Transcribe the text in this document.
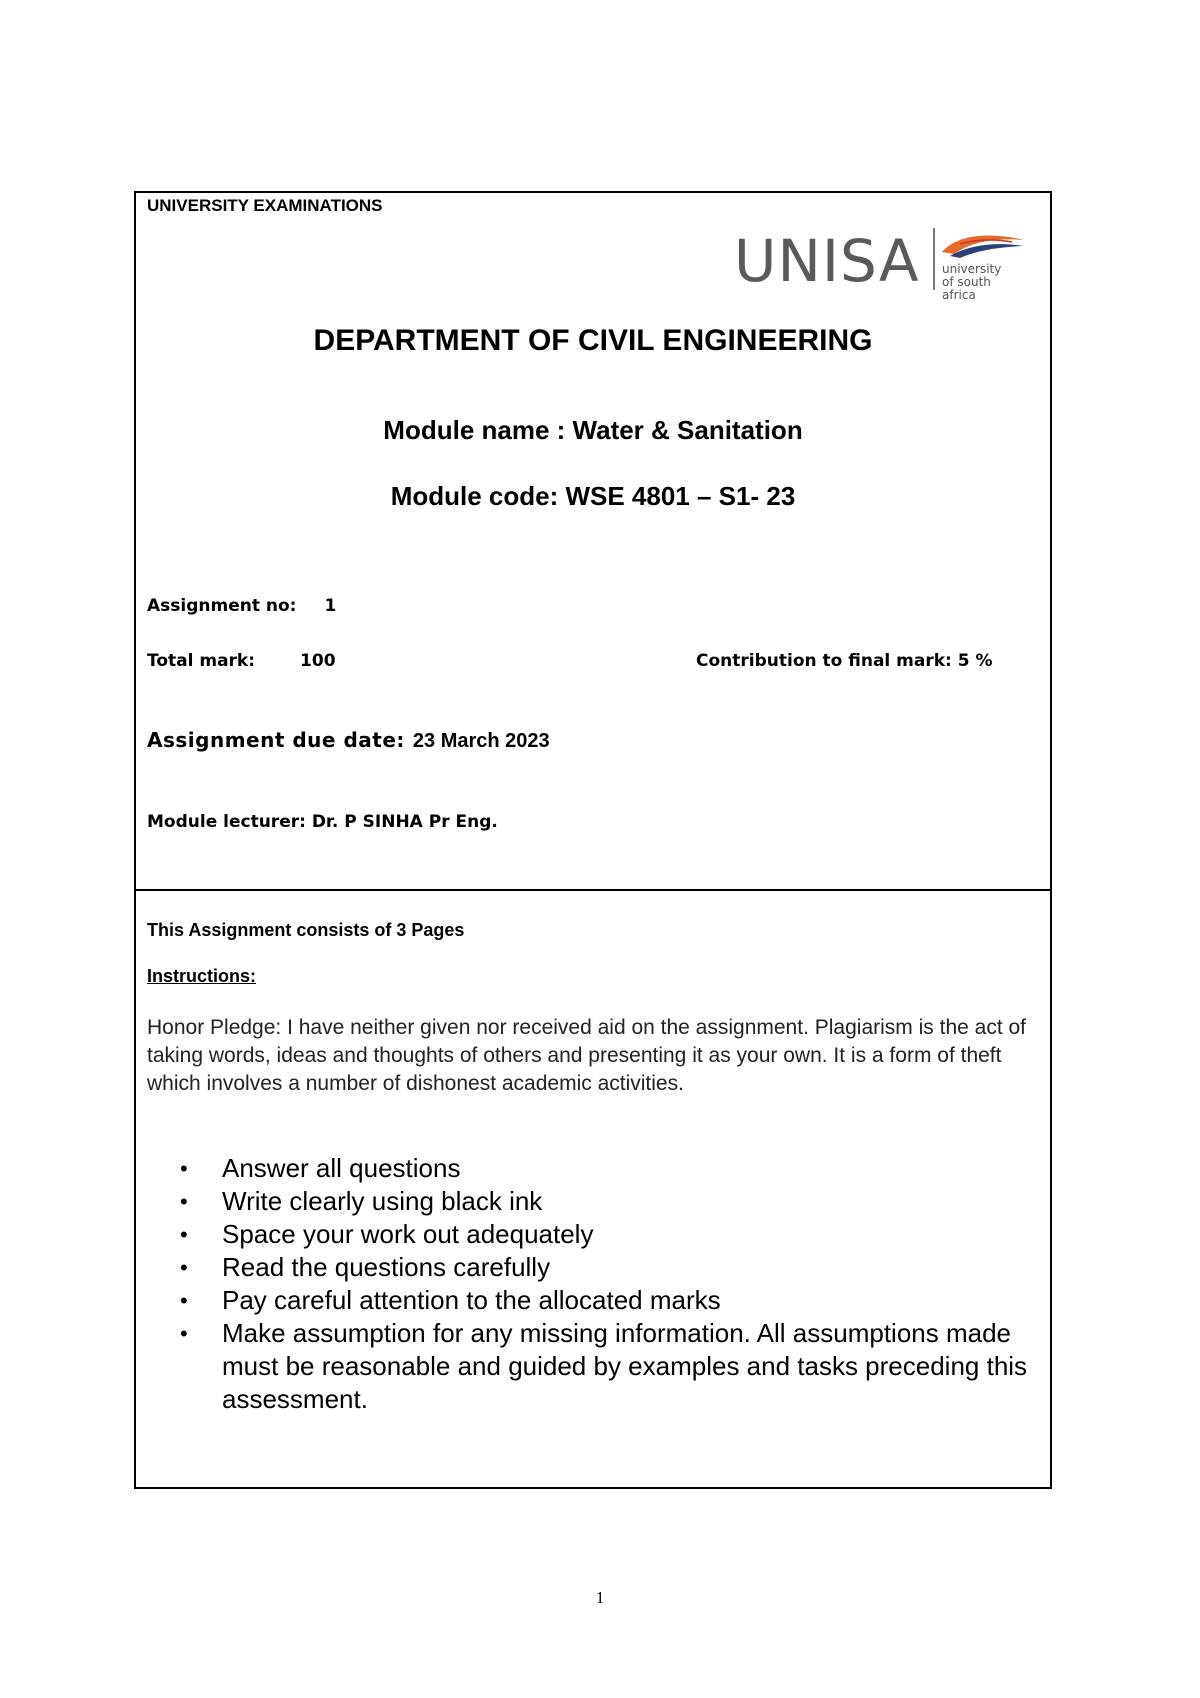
UNIVERSITY EXAMINATIONS
UNISA university
of south africa
DEPARTMENT OF CIVIL ENGINEERING
Module name : Water & Sanitation
Module code: WSE 4801 – S1- 23
Assignment no: 1
Total mark:	100	Contribution to final mark: 5 %
Assignment due date: 23 March 2023
Module lecturer: Dr. P SINHA Pr Eng.
This Assignment consists of 3 Pages
Instructions:
Honor Pledge: I have neither given nor received aid on the assignment. Plagiarism is the act of taking words, ideas and thoughts of others and presenting it as your own. It is a form of theft which involves a number of dishonest academic activities.
• Answer all questions
• Write clearly using black ink
• Space your work out adequately
• Read the questions carefully
• Pay careful attention to the allocated marks
• Make assumption for any missing information. All assumptions made must be reasonable and guided by examples and tasks preceding this assessment.
1
